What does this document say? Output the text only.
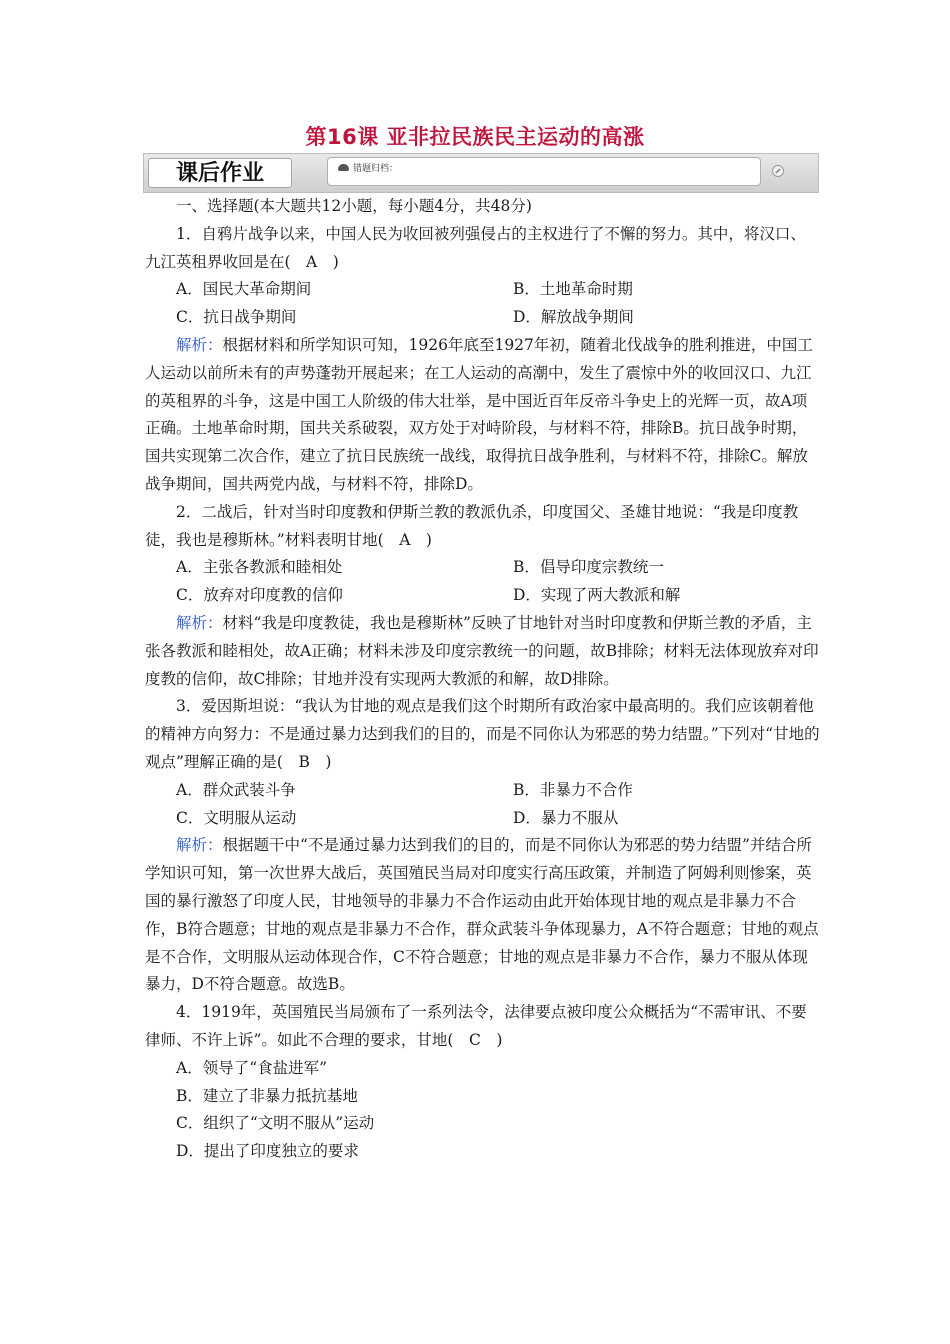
第16课 亚非拉民族民主运动的高涨
课后作业	错题归档：

一、选择题(本大题共12小题，每小题4分，共48分)

1．自鸦片战争以来，中国人民为收回被列强侵占的主权进行了不懈的努力。其中，将汉口、九江英租界收回是在(　A　)

A．国民大革命期间	B．土地革命时期
C．抗日战争期间	D．解放战争期间

解析：根据材料和所学知识可知，1926年底至1927年初，随着北伐战争的胜利推进，中国工人运动以前所未有的声势蓬勃开展起来；在工人运动的高潮中，发生了震惊中外的收回汉口、九江的英租界的斗争，这是中国工人阶级的伟大壮举，是中国近百年反帝斗争史上的光辉一页，故A项正确。土地革命时期，国共关系破裂，双方处于对峙阶段，与材料不符，排除B。抗日战争时期，国共实现第二次合作，建立了抗日民族统一战线，取得抗日战争胜利，与材料不符，排除C。解放战争期间，国共两党内战，与材料不符，排除D。

2．二战后，针对当时印度教和伊斯兰教的教派仇杀，印度国父、圣雄甘地说：“我是印度教徒，我也是穆斯林。”材料表明甘地(　A　)

A．主张各教派和睦相处	B．倡导印度宗教统一
C．放弃对印度教的信仰	D．实现了两大教派和解

解析：材料“我是印度教徒，我也是穆斯林”反映了甘地针对当时印度教和伊斯兰教的矛盾，主张各教派和睦相处，故A正确；材料未涉及印度宗教统一的问题，故B排除；材料无法体现放弃对印度教的信仰，故C排除；甘地并没有实现两大教派的和解，故D排除。

3．爱因斯坦说：“我认为甘地的观点是我们这个时期所有政治家中最高明的。我们应该朝着他的精神方向努力：不是通过暴力达到我们的目的，而是不同你认为邪恶的势力结盟。”下列对“甘地的观点”理解正确的是(　B　)

A．群众武装斗争	B．非暴力不合作
C．文明服从运动	D．暴力不服从

解析：根据题干中“不是通过暴力达到我们的目的，而是不同你认为邪恶的势力结盟”并结合所学知识可知，第一次世界大战后，英国殖民当局对印度实行高压政策，并制造了阿姆利则惨案，英国的暴行激怒了印度人民，甘地领导的非暴力不合作运动由此开始体现甘地的观点是非暴力不合作，B符合题意；甘地的观点是非暴力不合作，群众武装斗争体现暴力，A不符合题意；甘地的观点是不合作，文明服从运动体现合作，C不符合题意；甘地的观点是非暴力不合作，暴力不服从体现暴力，D不符合题意。故选B。

4．1919年，英国殖民当局颁布了一系列法令，法律要点被印度公众概括为“不需审讯、不要律师、不许上诉”。如此不合理的要求，甘地(　C　)

A．领导了“食盐进军”

B．建立了非暴力抵抗基地

C．组织了“文明不服从”运动

D．提出了印度独立的要求
